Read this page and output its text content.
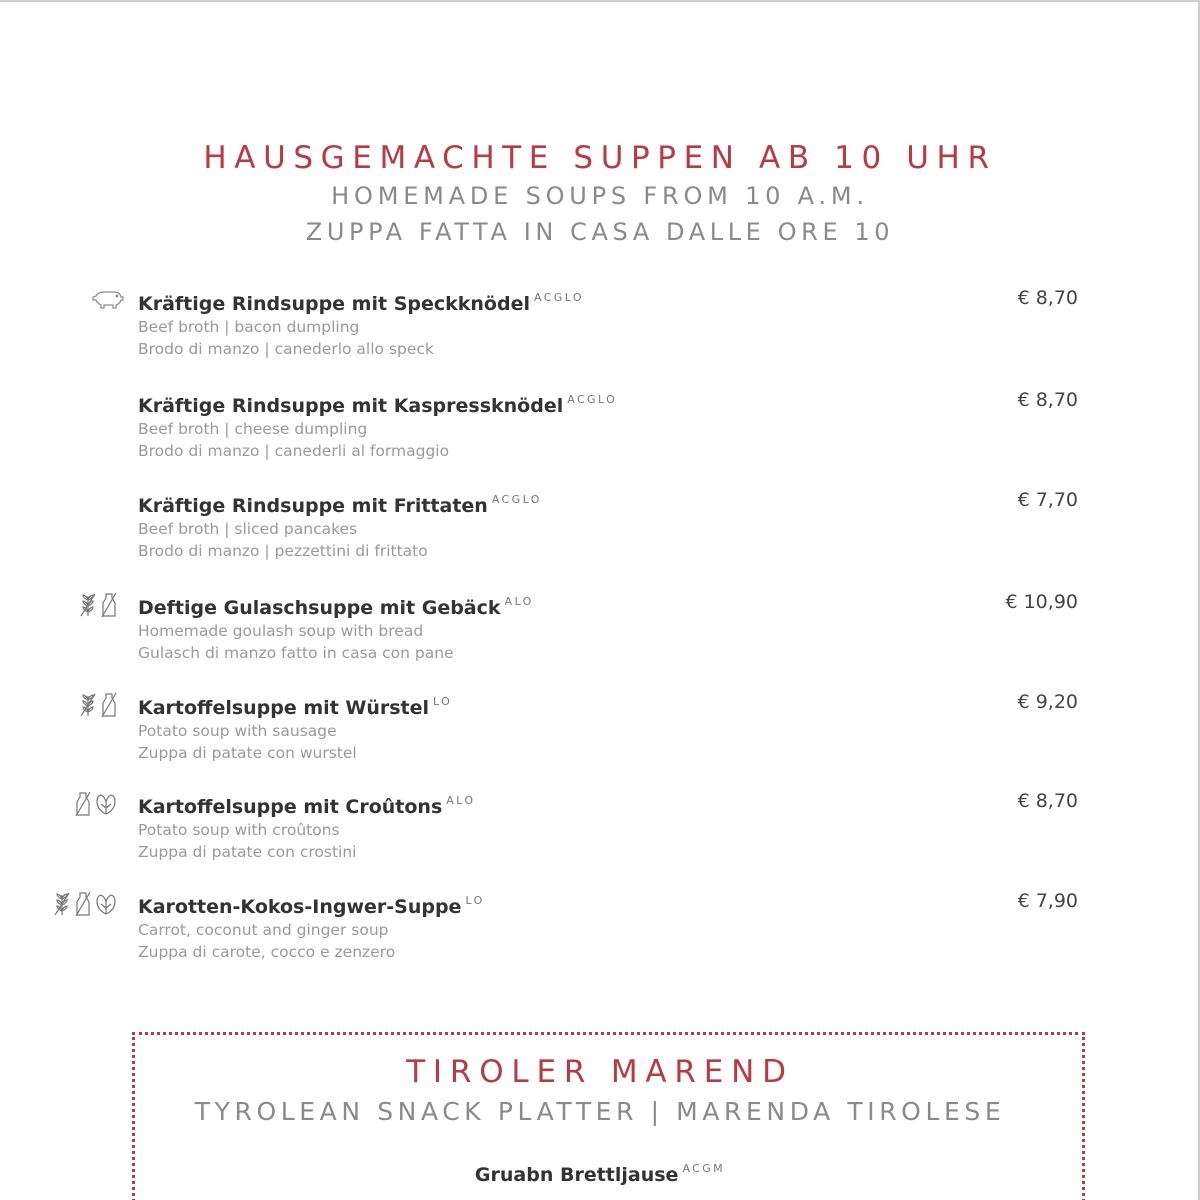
HAUSGEMACHTE SUPPEN AB 10 UHR
HOMEMADE SOUPS FROM 10 A.M.
ZUPPA FATTA IN CASA DALLE ORE 10
Kräftige Rindsuppe mit Speckknödel $^{ACGLO}$
Beef broth | bacon dumpling
Brodo di manzo | canederlo allo speck
€ 8,70
Kräftige Rindsuppe mit Kaspressknödel $^{ACGLO}$
Beef broth | cheese dumpling
Brodo di manzo | canederli al formaggio
€ 8,70
Kräftige Rindsuppe mit Frittaten $^{ACGLO}$
Beef broth | sliced pancakes
Brodo di manzo | pezzettini di frittato
€ 7,70
Deftige Gulaschsuppe mit Gebäck $^{ALO}$
Homemade goulash soup with bread
Gulasch di manzo fatto in casa con pane
€ 10,90
Kartoffelsuppe mit Würstel $^{LO}$
Potato soup with sausage
Zuppa di patate con wurstel
€ 9,20
Kartoffelsuppe mit Croûtons $^{ALO}$
Potato soup with croûtons
Zuppa di patate con crostini
€ 8,70
Karotten-Kokos-Ingwer-Suppe $^{LO}$
Carrot, coconut and ginger soup
Zuppa di carote, cocco e zenzero
€ 7,90
TIROLER MAREND
TYROLEAN SNACK PLATTER | MARENDA TIROLESE
Gruabn Brettljause $^{ACGM}$
